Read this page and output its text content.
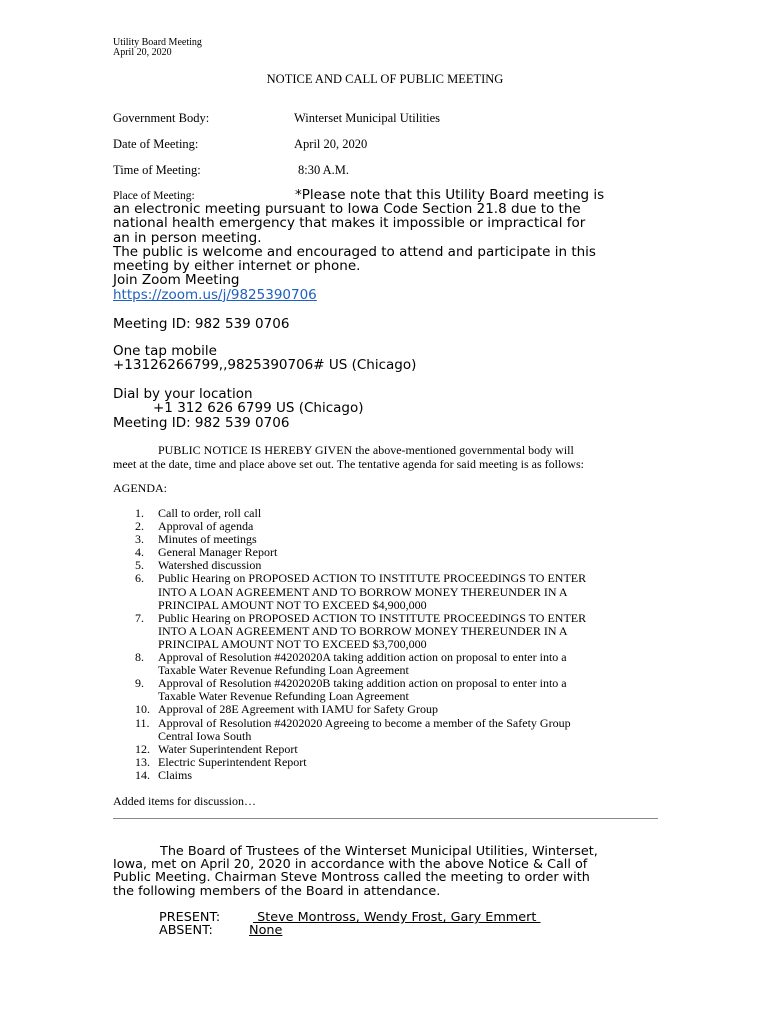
Utility Board Meeting
April 20, 2020
NOTICE AND CALL OF PUBLIC MEETING
Government Body:	Winterset Municipal Utilities
Date of Meeting:	April 20, 2020
Time of Meeting:	8:30 A.M.
Place of Meeting:	*Please note that this Utility Board meeting is
an electronic meeting pursuant to Iowa Code Section 21.8 due to the
national health emergency that makes it impossible or impractical for
an in person meeting.
The public is welcome and encouraged to attend and participate in this
meeting by either internet or phone.
Join Zoom Meeting
https://zoom.us/j/9825390706
Meeting ID: 982 539 0706
One tap mobile
+13126266799,,9825390706# US (Chicago)
Dial by your location
+1 312 626 6799 US (Chicago)
Meeting ID: 982 539 0706
PUBLIC NOTICE IS HEREBY GIVEN the above-mentioned governmental body will
meet at the date, time and place above set out. The tentative agenda for said meeting is as follows:
AGENDA:
1.	Call to order, roll call
2.	Approval of agenda
3.	Minutes of meetings
4.	General Manager Report
5.	Watershed discussion
6.	Public Hearing on PROPOSED ACTION TO INSTITUTE PROCEEDINGS TO ENTER
INTO A LOAN AGREEMENT AND TO BORROW MONEY THEREUNDER IN A
PRINCIPAL AMOUNT NOT TO EXCEED $4,900,000
7.	Public Hearing on PROPOSED ACTION TO INSTITUTE PROCEEDINGS TO ENTER
INTO A LOAN AGREEMENT AND TO BORROW MONEY THEREUNDER IN A
PRINCIPAL AMOUNT NOT TO EXCEED $3,700,000
8.	Approval of Resolution #4202020A taking addition action on proposal to enter into a
Taxable Water Revenue Refunding Loan Agreement
9.	Approval of Resolution #4202020B taking addition action on proposal to enter into a
Taxable Water Revenue Refunding Loan Agreement
10. Approval of 28E Agreement with IAMU for Safety Group
11. Approval of Resolution #4202020 Agreeing to become a member of the Safety Group
Central Iowa South
12. Water Superintendent Report
13. Electric Superintendent Report
14. Claims
Added items for discussion…
The Board of Trustees of the Winterset Municipal Utilities, Winterset,
Iowa, met on April 20, 2020 in accordance with the above Notice & Call of
Public Meeting. Chairman Steve Montross called the meeting to order with
the following members of the Board in attendance.
PRESENT:	Steve Montross, Wendy Frost, Gary Emmert
ABSENT:	None
